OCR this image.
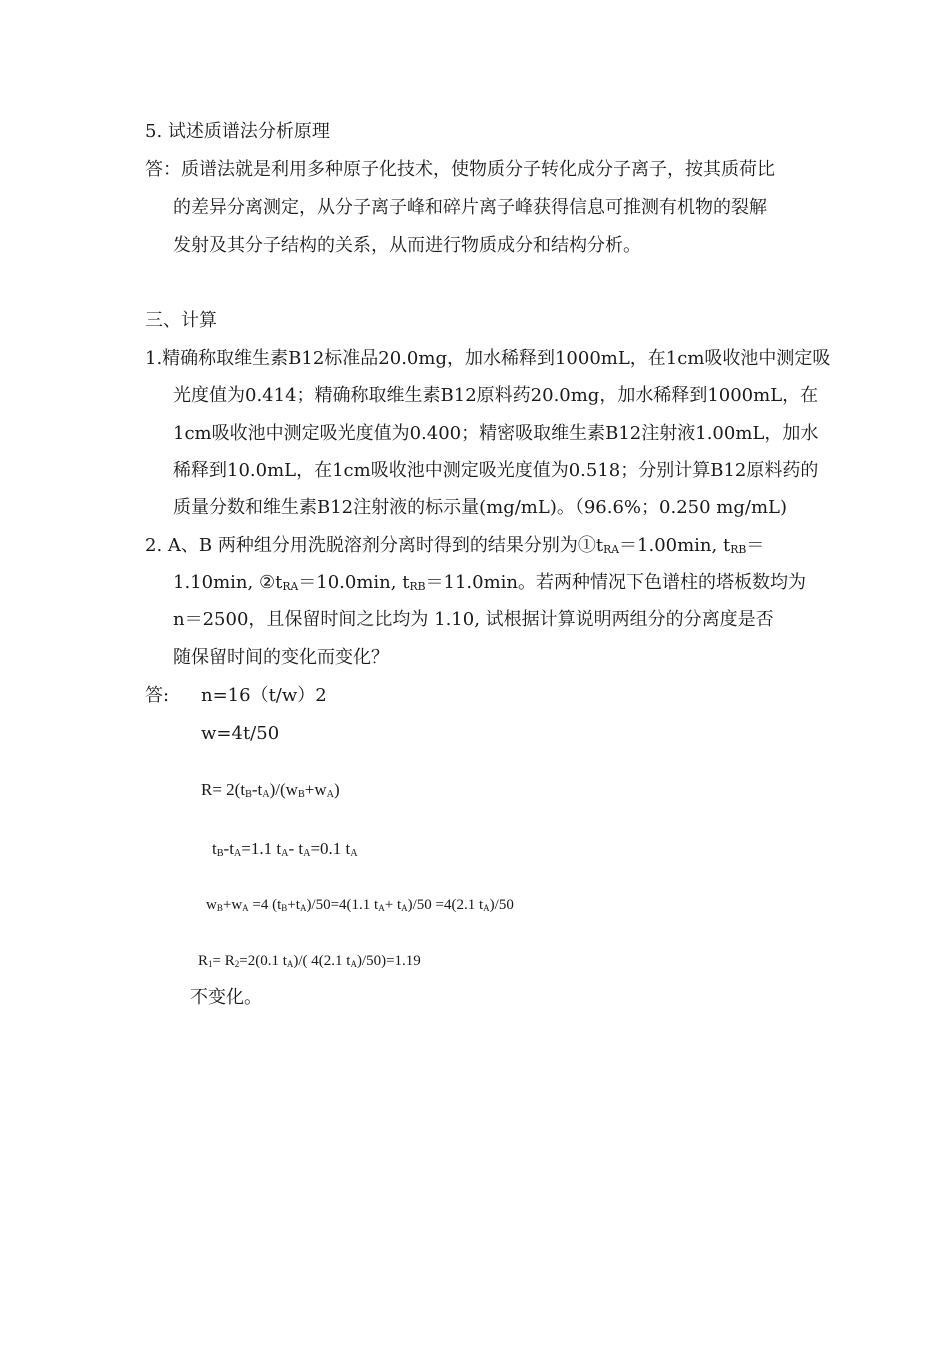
5. 试述质谱法分析原理
答：质谱法就是利用多种原子化技术，使物质分子转化成分子离子，按其质荷比
的差异分离测定，从分子离子峰和碎片离子峰获得信息可推测有机物的裂解
发射及其分子结构的关系，从而进行物质成分和结构分析。
三、计算
1.精确称取维生素B12标准品20.0mg，加水稀释到1000mL，在1cm吸收池中测定吸
光度值为0.414；精确称取维生素B12原料药20.0mg，加水稀释到1000mL，在
1cm吸收池中测定吸光度值为0.400；精密吸取维生素B12注射液1.00mL，加水
稀释到10.0mL，在1cm吸收池中测定吸光度值为0.518；分别计算B12原料药的
质量分数和维生素B12注射液的标示量(mg/mL)。（96.6%；0.250 mg/mL)
2. A、B 两种组分用洗脱溶剂分离时得到的结果分别为$①t_{RA}=1.00\min$, $t_{RB}=$
1.10min, $②t_{RA}=10.0\min$, $t_{RB}=11.0\min$。若两种情况下色谱柱的塔板数均为
n＝2500，且保留时间之比均为 1.10, 试根据计算说明两组分的分离度是否
随保留时间的变化而变化？
答: n=16（t/w）2
w=4t/50
$R= 2(t_B-t_A)/(w_B+w_A)$
$t_B-t_A=1.1$ $t_A-$ $t_A=0.1$ $t_A$
$w_B+w_A =4$ $(t_B+t_A)/50=4(1.1$ $t_A+ t_A)/50 =4(2.1$ $t_A)/50$
$R_1= R_2=2(0.1$ $t_A)/$( 4(2.1 $t_A)/50)=1.19$
不变化。
